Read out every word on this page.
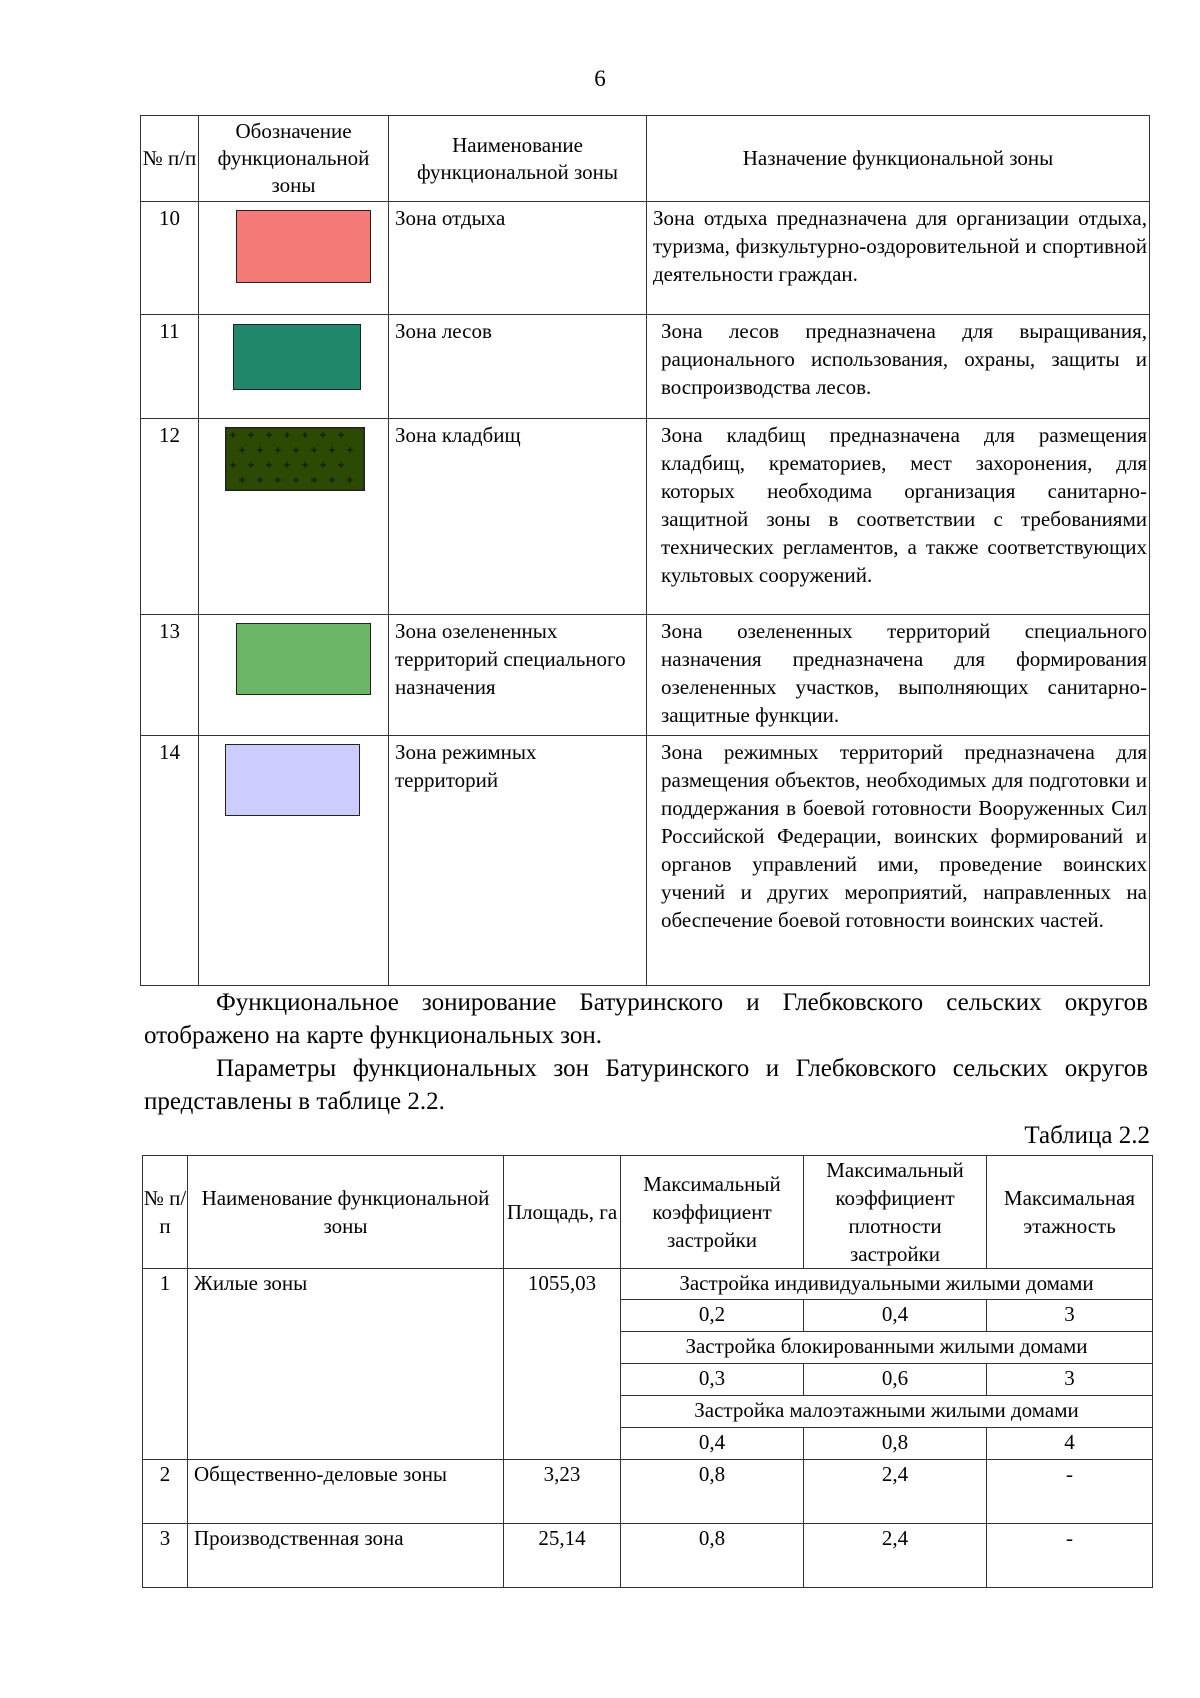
6
№ п/п	Обозначение функциональной зоны	Наименование функциональной зоны	Назначение функциональной зоны
10		Зона отдыха	Зона отдыха предназначена для организации отдыха, туризма, физкультурно-оздоровительной и спортивной деятельности граждан.
11		Зона лесов	Зона лесов предназначена для выращивания, рационального использования, охраны, защиты и воспроизводства лесов.
12		Зона кладбищ	Зона кладбищ предназначена для размещения кладбищ, крематориев, мест захоронения, для которых необходима организация санитарно-защитной зоны в соответствии с требованиями технических регламентов, а также соответствующих культовых сооружений.
13		Зона озелененных территорий специального назначения	Зона озелененных территорий специального назначения предназначена для формирования озелененных участков, выполняющих санитарно-защитные функции.
14		Зона режимных территорий	Зона режимных территорий предназначена для размещения объектов, необходимых для подготовки и поддержания в боевой готовности Вооруженных Сил Российской Федерации, воинских формирований и органов управлений ими, проведение воинских учений и других мероприятий, направленных на обеспечение боевой готовности воинских частей.
Функциональное зонирование Батуринского и Глебковского сельских округов отображено на карте функциональных зон.
Параметры функциональных зон Батуринского и Глебковского сельских округов представлены в таблице 2.2.
Таблица 2.2
№ п/п	Наименование функциональной зоны	Площадь, га	Максимальный коэффициент застройки	Максимальный коэффициент плотности застройки	Максимальная этажность
1	Жилые зоны	1055,03	Застройка индивидуальными жилыми домами		
			0,2	0,4	3
			Застройка блокированными жилыми домами		
			0,3	0,6	3
			Застройка малоэтажными жилыми домами		
			0,4	0,8	4
2	Общественно-деловые зоны	3,23	0,8	2,4	-
3	Производственная зона	25,14	0,8	2,4	-
